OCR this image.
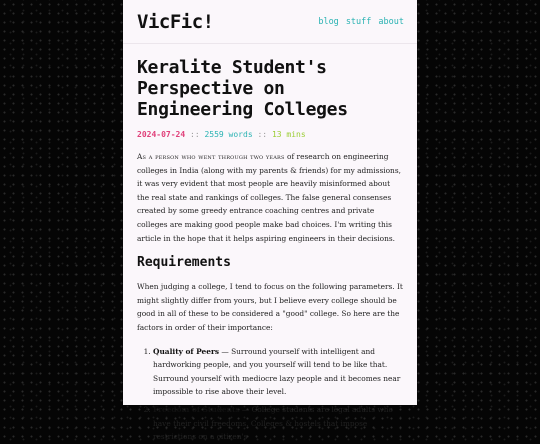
VicFic!	blog stuff about
Keralite Student's Perspective on Engineering Colleges
2024-07-24 :: 2559 words :: 13 mins

As a person who went through two years of research on engineering colleges in India (along with my parents & friends) for my admissions, it was very evident that most people are heavily misinformed about the real state and rankings of colleges. The false general consenses created by some greedy entrance coaching centres and private colleges are making good people make bad choices. I'm writing this article in the hope that it helps aspiring engineers in their decisions.

Requirements

When judging a college, I tend to focus on the following parameters. It might slightly differ from yours, but I believe every college should be good in all of these to be considered a "good" college. So here are the factors in order of their importance:

1. Quality of Peers — Surround yourself with intelligent and hardworking people, and you yourself will tend to be like that. Surround yourself with mediocre lazy people and it becomes near impossible to rise above their level.
2. Freedom of Students — College students are legal adults who have their civil freedoms. Colleges & hostels that impose restrictions on a citizen's
